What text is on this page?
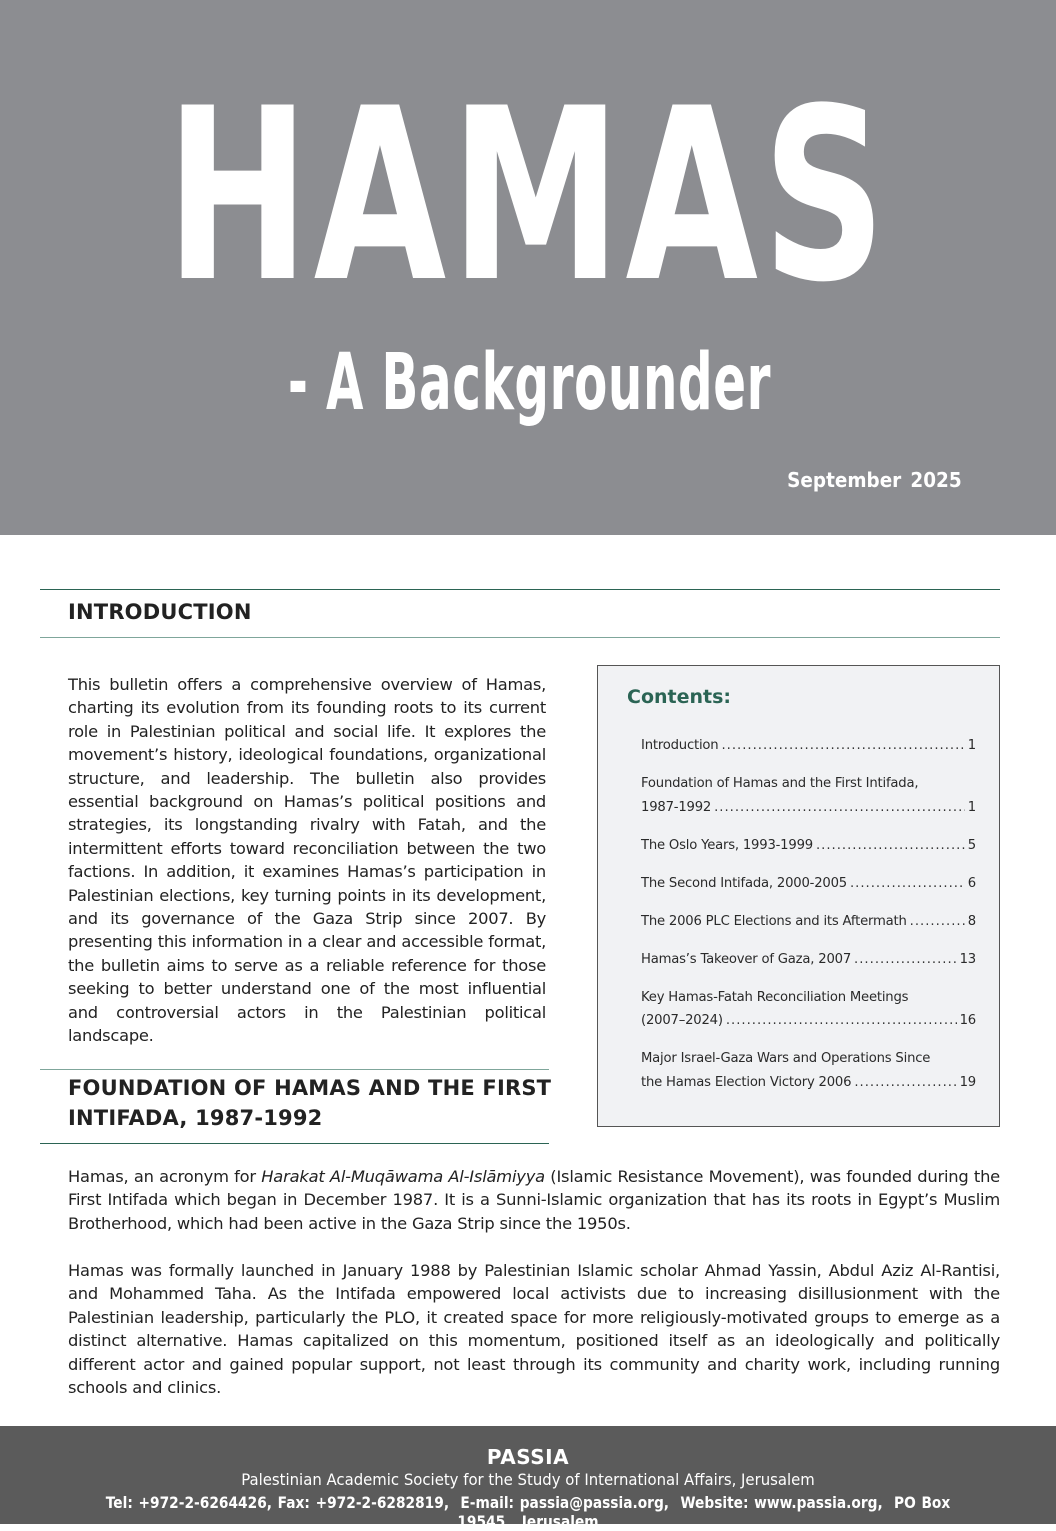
HAMAS
- A Backgrounder
September 2025
INTRODUCTION

This bulletin offers a comprehensive overview of Hamas, charting its evolution from its founding roots to its current role in Palestinian political and social life. It explores the movement’s history, ideological foundations, organizational structure, and leadership. The bulletin also provides essential background on Hamas’s political positions and strategies, its longstanding rivalry with Fatah, and the intermittent efforts toward reconciliation between the two factions. In addition, it examines Hamas’s participation in Palestinian elections, key turning points in its development, and its governance of the Gaza Strip since 2007. By presenting this information in a clear and accessible format, the bulletin aims to serve as a reliable reference for those seeking to better understand one of the most influential and controversial actors in the Palestinian political landscape.

Contents:
Introduction .....	1
Foundation of Hamas and the First Intifada,
1987-1992 .....	1
The Oslo Years, 1993-1999 .....	5
The Second Intifada, 2000-2005 .....	6
The 2006 PLC Elections and its Aftermath .....	8
Hamas’s Takeover of Gaza, 2007 .....	13
Key Hamas-Fatah Reconciliation Meetings
(2007–2024) .....	16
Major Israel-Gaza Wars and Operations Since
the Hamas Election Victory 2006 .....	19
FOUNDATION OF HAMAS AND THE FIRST
INTIFADA, 1987-1992

Hamas, an acronym for Harakat Al-Muqāwama Al-Islāmiyya (Islamic Resistance Movement), was founded during the First Intifada which began in December 1987. It is a Sunni-Islamic organization that has its roots in Egypt’s Muslim Brotherhood, which had been active in the Gaza Strip since the 1950s.

Hamas was formally launched in January 1988 by Palestinian Islamic scholar Ahmad Yassin, Abdul Aziz Al-Rantisi, and Mohammed Taha. As the Intifada empowered local activists due to increasing disillusionment with the Palestinian leadership, particularly the PLO, it created space for more religiously-motivated groups to emerge as a distinct alternative. Hamas capitalized on this momentum, positioned itself as an ideologically and politically different actor and gained popular support, not least through its community and charity work, including running schools and clinics.

PASSIA
Palestinian Academic Society for the Study of International Affairs, Jerusalem
Tel: +972-2-6264426, Fax: +972-2-6282819, E-mail: passia@passia.org, Website: www.passia.org, PO Box 19545, Jerusalem
